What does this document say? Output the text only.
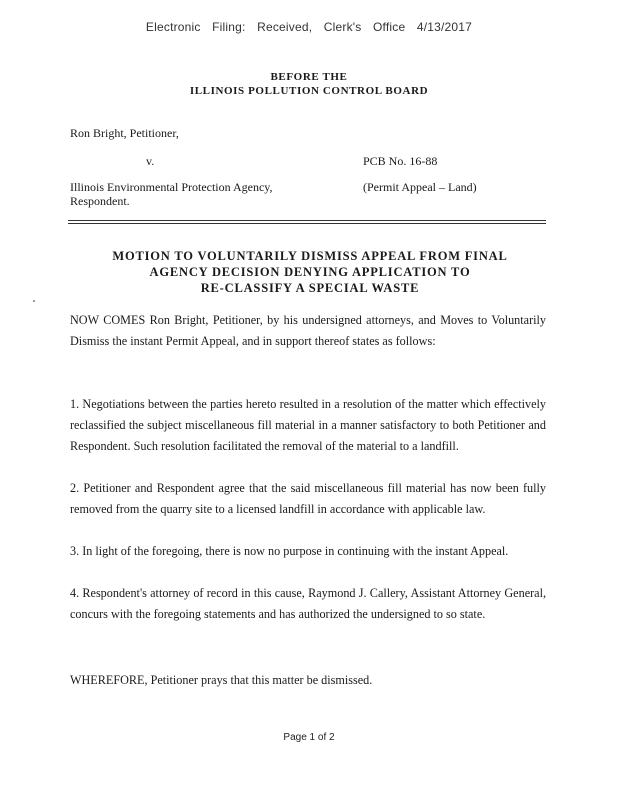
Electronic Filing: Received, Clerk's Office 4/13/2017
BEFORE THE
ILLINOIS POLLUTION CONTROL BOARD
Ron Bright, Petitioner,
v.	PCB No. 16-88
Illinois Environmental Protection Agency,
Respondent.
(Permit Appeal – Land)
MOTION TO VOLUNTARILY DISMISS APPEAL FROM FINAL
AGENCY DECISION DENYING APPLICATION TO
RE-CLASSIFY A SPECIAL WASTE

NOW COMES Ron Bright, Petitioner, by his undersigned attorneys, and Moves to Voluntarily Dismiss the instant Permit Appeal, and in support thereof states as follows:

1. Negotiations between the parties hereto resulted in a resolution of the matter which effectively reclassified the subject miscellaneous fill material in a manner satisfactory to both Petitioner and Respondent. Such resolution facilitated the removal of the material to a landfill.

2. Petitioner and Respondent agree that the said miscellaneous fill material has now been fully removed from the quarry site to a licensed landfill in accordance with applicable law.

3. In light of the foregoing, there is now no purpose in continuing with the instant Appeal.

4. Respondent's attorney of record in this cause, Raymond J. Callery, Assistant Attorney General, concurs with the foregoing statements and has authorized the undersigned to so state.

WHEREFORE, Petitioner prays that this matter be dismissed.

Page 1 of 2
